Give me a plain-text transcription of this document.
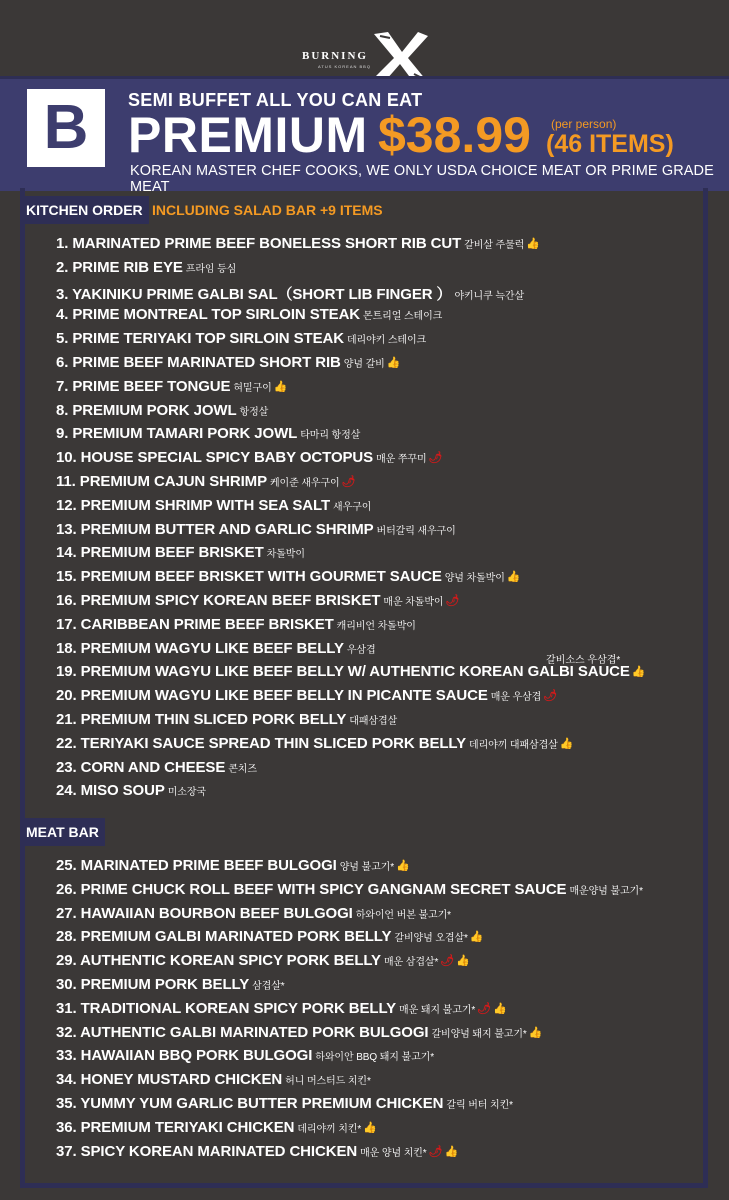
BURNING
ATUS KOREAN BBQ
B	SEMI BUFFET ALL YOU CAN EAT
PREMIUM $38.99 (per person)
(46 ITEMS)
KOREAN MASTER CHEF COOKS, WE ONLY USDA CHOICE MEAT OR PRIME GRADE MEAT
KITCHEN ORDER INCLUDING SALAD BAR +9 ITEMS
갈비소스 우삼겹*
MEAT BAR
1. MARINATED PRIME BEEF BONELESS SHORT RIB CUT 갈비살 주물럭 👍
2. PRIME RIB EYE 프라임 등심
3. YAKINIKU PRIME GALBI SAL（SHORT LIB FINGER ） 야키니쿠 늑간살
4. PRIME MONTREAL TOP SIRLOIN STEAK 몬트리얼 스테이크
5. PRIME TERIYAKI TOP SIRLOIN STEAK 데리야키 스테이크
6. PRIME BEEF MARINATED SHORT RIB 양념 갈비 👍
7. PRIME BEEF TONGUE 혀밑구이 👍
8. PREMIUM PORK JOWL 항정살
9. PREMIUM TAMARI PORK JOWL 타마리 항정살
10. HOUSE SPECIAL SPICY BABY OCTOPUS 매운 쭈꾸미 🌶
11. PREMIUM CAJUN SHRIMP 케이준 새우구이 🌶
12. PREMIUM SHRIMP WITH SEA SALT 새우구이
13. PREMIUM BUTTER AND GARLIC SHRIMP 버터갈릭 새우구이
14. PREMIUM BEEF BRISKET 차돌박이
15. PREMIUM BEEF BRISKET WITH GOURMET SAUCE 양념 차돌박이 👍
16. PREMIUM SPICY KOREAN BEEF BRISKET 매운 차돌박이 🌶
17. CARIBBEAN PRIME BEEF BRISKET 캐리비언 차돌박이
18. PREMIUM WAGYU LIKE BEEF BELLY 우삼겹
19. PREMIUM WAGYU LIKE BEEF BELLY W/ AUTHENTIC KOREAN GALBI SAUCE 👍
20. PREMIUM WAGYU LIKE BEEF BELLY IN PICANTE SAUCE 매운 우삼겹 🌶
21. PREMIUM THIN SLICED PORK BELLY 대패삼겹살
22. TERIYAKI SAUCE SPREAD THIN SLICED PORK BELLY 데리야끼 대패삼겹살 👍
23. CORN AND CHEESE 콘치즈
24. MISO SOUP 미소장국
25. MARINATED PRIME BEEF BULGOGI 양념 불고기* 👍
26. PRIME CHUCK ROLL BEEF WITH SPICY GANGNAM SECRET SAUCE 매운양념 불고기*
27. HAWAIIAN BOURBON BEEF BULGOGI 하와이언 버본 불고기*
28. PREMIUM GALBI MARINATED PORK BELLY 갈비양념 오겹살* 👍
29. AUTHENTIC KOREAN SPICY PORK BELLY 매운 삼겹살* 🌶 👍
30. PREMIUM PORK BELLY 삼겹살*
31. TRADITIONAL KOREAN SPICY PORK BELLY 매운 돼지 불고기* 🌶 👍
32. AUTHENTIC GALBI MARINATED PORK BULGOGI 갈비양념 돼지 불고기* 👍
33. HAWAIIAN BBQ PORK BULGOGI 하와이안 BBQ 돼지 불고기*
34. HONEY MUSTARD CHICKEN 허니 머스터드 치킨*
35. YUMMY YUM GARLIC BUTTER PREMIUM CHICKEN 갈릭 버터 치킨*
36. PREMIUM TERIYAKI CHICKEN 데리야끼 치킨* 👍
37. SPICY KOREAN MARINATED CHICKEN 매운 양념 치킨* 🌶 👍
